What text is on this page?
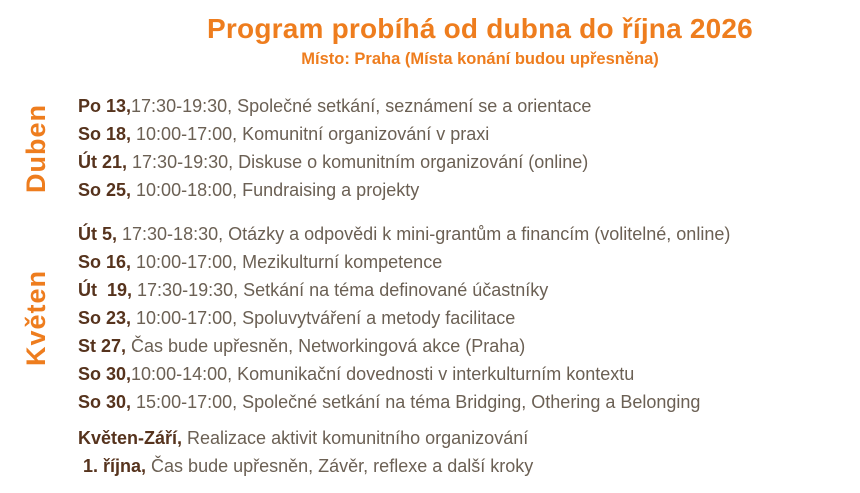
Program probíhá od dubna do října 2026
Místo: Praha (Místa konání budou upřesněna)
Duben Po 13,17:30-19:30, Společné setkání, seznámení se a orientace
So 18, 10:00-17:00, Komunitní organizování v praxi
Út 21, 17:30-19:30, Diskuse o komunitním organizování (online)
So 25, 10:00-18:00, Fundraising a projekty
Květen
Út 5, 17:30-18:30, Otázky a odpovědi k mini-grantům a financím (volitelné, online)
So 16, 10:00-17:00, Mezikulturní kompetence
Út  19, 17:30-19:30, Setkání na téma definované účastníky
So 23, 10:00-17:00, Spoluvytváření a metody facilitace
St 27, Čas bude upřesněn, Networkingová akce (Praha)
So 30,10:00-14:00, Komunikační dovednosti v interkulturním kontextu
So 30, 15:00-17:00, Společné setkání na téma Bridging, Othering a Belonging
Květen-Září, Realizace aktivit komunitního organizování
1. října, Čas bude upřesněn, Závěr, reflexe a další kroky
